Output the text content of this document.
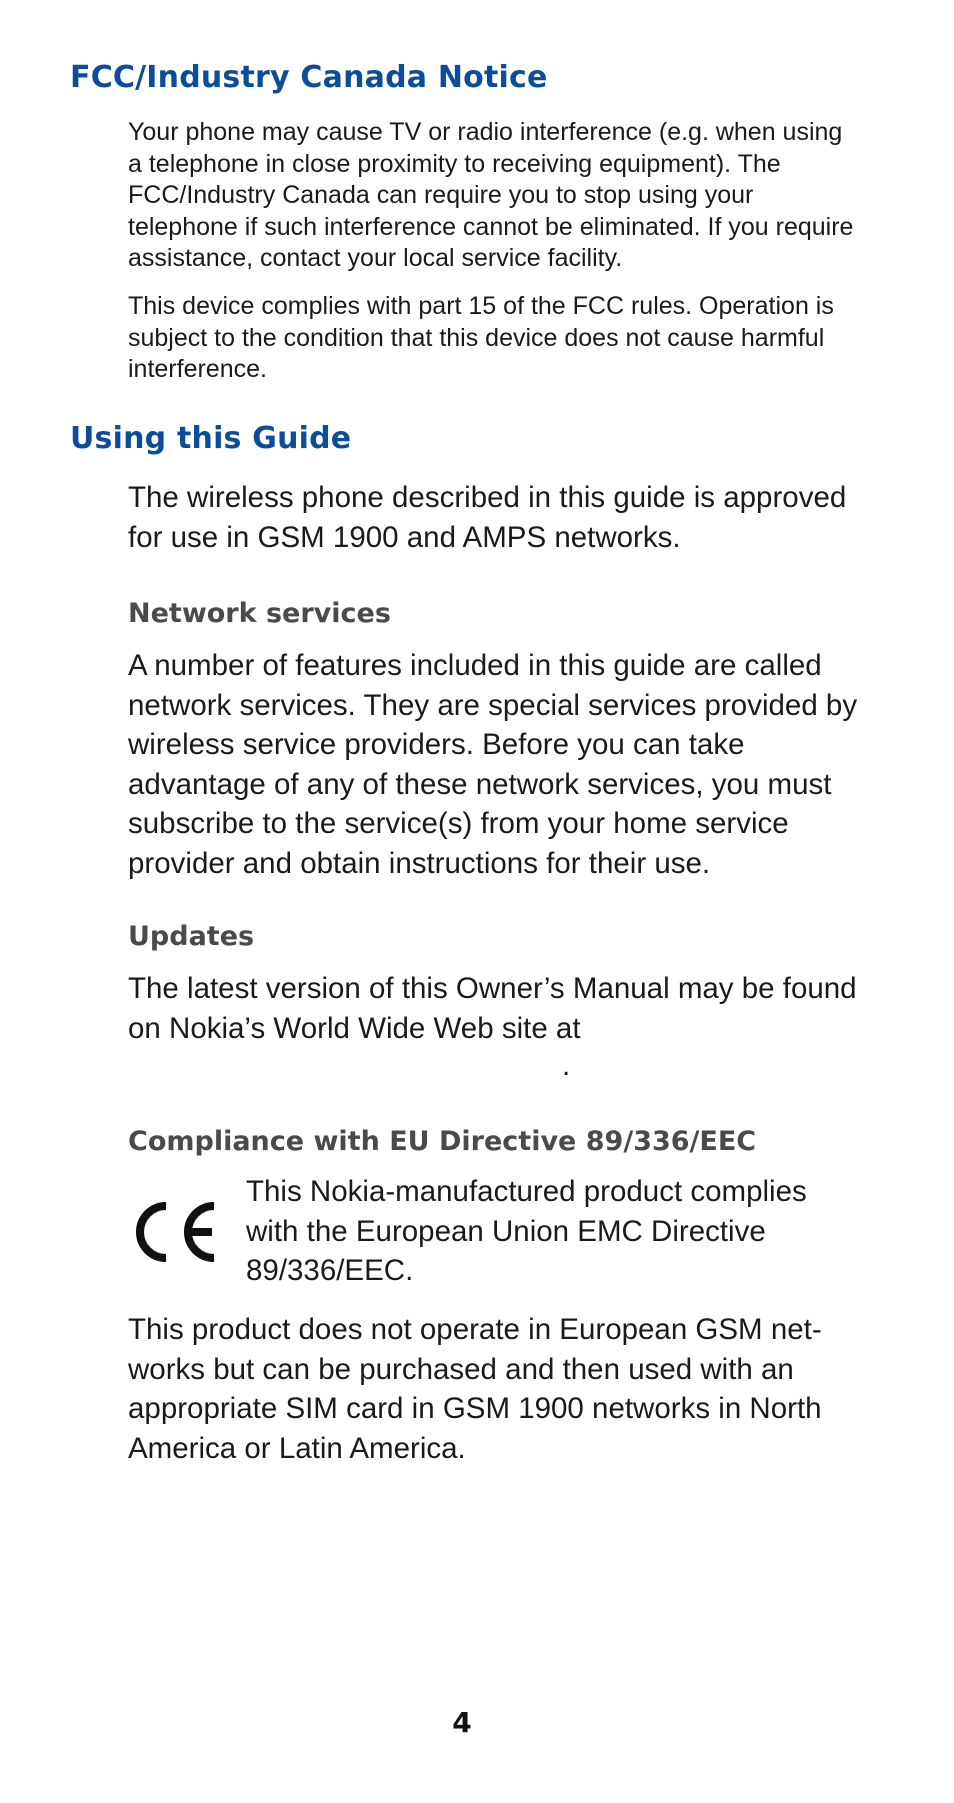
FCC/Industry Canada Notice

Your phone may cause TV or radio interference (e.g. when using a telephone in close proximity to receiving equipment). The FCC/Industry Canada can require you to stop using your telephone if such interference cannot be eliminated. If you require assistance, contact your local service facility.

This device complies with part 15 of the FCC rules. Operation is subject to the condition that this device does not cause harmful interference.

Using this Guide

The wireless phone described in this guide is approved for use in GSM 1900 and AMPS networks.

Network services

A number of features included in this guide are called network services. They are special services provided by wireless service providers. Before you can take advantage of any of these network services, you must subscribe to the service(s) from your home service provider and obtain instructions for their use.

Updates

The latest version of this Owner’s Manual may be found on Nokia’s World Wide Web site at

.
Compliance with EU Directive 89/336/EEC

This Nokia-manufactured product complies with the European Union EMC Directive 89/336/EEC.

This product does not operate in European GSM net-works but can be purchased and then used with an appropriate SIM card in GSM 1900 networks in North America or Latin America.

4
